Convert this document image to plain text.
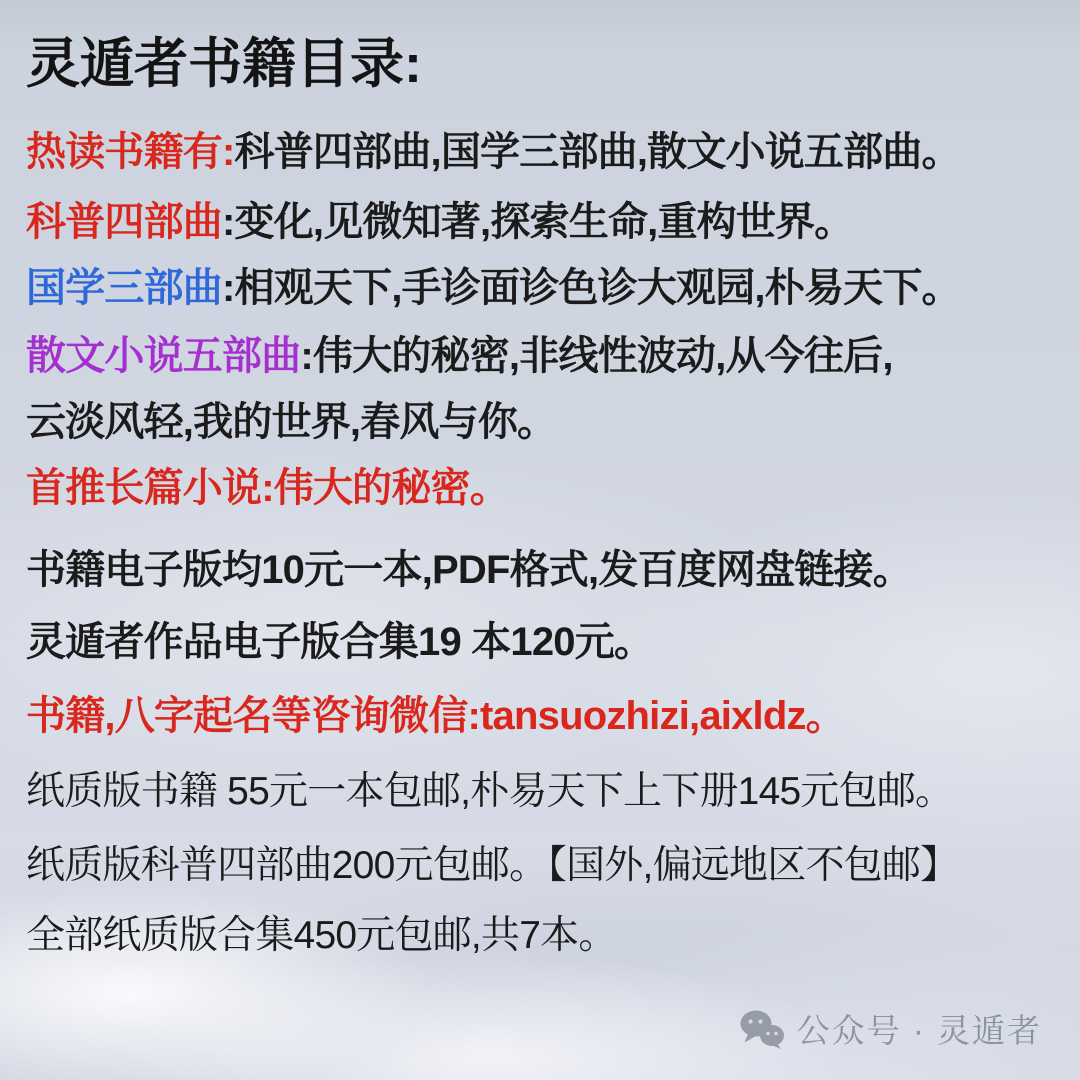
灵遁者书籍目录:
热读书籍有:科普四部曲,国学三部曲,散文小说五部曲。
科普四部曲:变化,见微知著,探索生命,重构世界。
国学三部曲:相观天下,手诊面诊色诊大观园,朴易天下。
散文小说五部曲:伟大的秘密,非线性波动,从今往后,
云淡风轻,我的世界,春风与你。
首推长篇小说:伟大的秘密。
书籍电子版均10元一本,PDF格式,发百度网盘链接。
灵遁者作品电子版合集19 本120元。
书籍,八字起名等咨询微信:tansuozhizi,aixldz。
纸质版书籍 55元一本包邮,朴易天下上下册145元包邮。
纸质版科普四部曲200元包邮。【国外,偏远地区不包邮】
全部纸质版合集450元包邮,共7本。
公众号 · 灵遁者
